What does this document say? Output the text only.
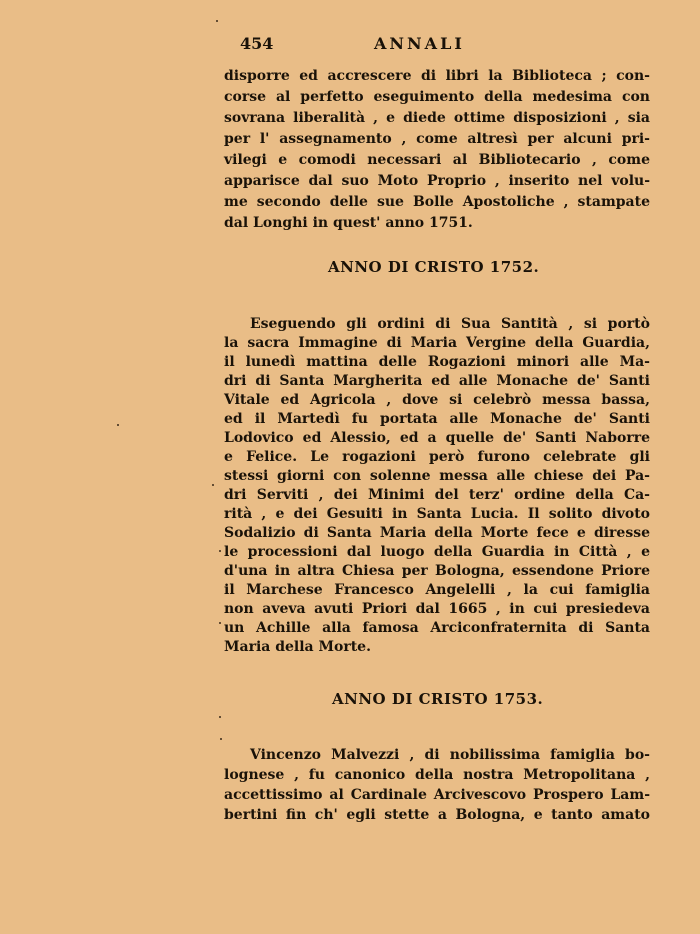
454	ANNALI
disporre ed accrescere di libri la Biblioteca ; con-
corse al perfetto eseguimento della medesima con
sovrana liberalità , e diede ottime disposizioni , sia
per l' assegnamento , come altresì per alcuni pri-
vilegi e comodi necessari al Bibliotecario , come
apparisce dal suo Moto Proprio , inserito nel volu-
me secondo delle sue Bolle Apostoliche , stampate
dal Longhi in quest' anno 1751.
ANNO DI CRISTO 1752.
Eseguendo gli ordini di Sua Santità , si portò
la sacra Immagine di Maria Vergine della Guardia,
il lunedì mattina delle Rogazioni minori alle Ma-
dri di Santa Margherita ed alle Monache de' Santi
Vitale ed Agricola , dove si celebrò messa bassa,
ed il Martedì fu portata alle Monache de' Santi
Lodovico ed Alessio, ed a quelle de' Santi Naborre
e Felice. Le rogazioni però furono celebrate gli
stessi giorni con solenne messa alle chiese dei Pa-
dri Serviti , dei Minimi del terz' ordine della Ca-
rità , e dei Gesuiti in Santa Lucia. Il solito divoto
Sodalizio di Santa Maria della Morte fece e diresse
le processioni dal luogo della Guardia in Città , e
d'una in altra Chiesa per Bologna, essendone Priore
il Marchese Francesco Angelelli , la cui famiglia
non aveva avuti Priori dal 1665 , in cui presiedeva
un Achille alla famosa Arciconfraternita di Santa
Maria della Morte.
ANNO DI CRISTO 1753.
Vincenzo Malvezzi , di nobilissima famiglia bo-
lognese , fu canonico della nostra Metropolitana ,
accettissimo al Cardinale Arcivescovo Prospero Lam-
bertini fin ch' egli stette a Bologna, e tanto amato
